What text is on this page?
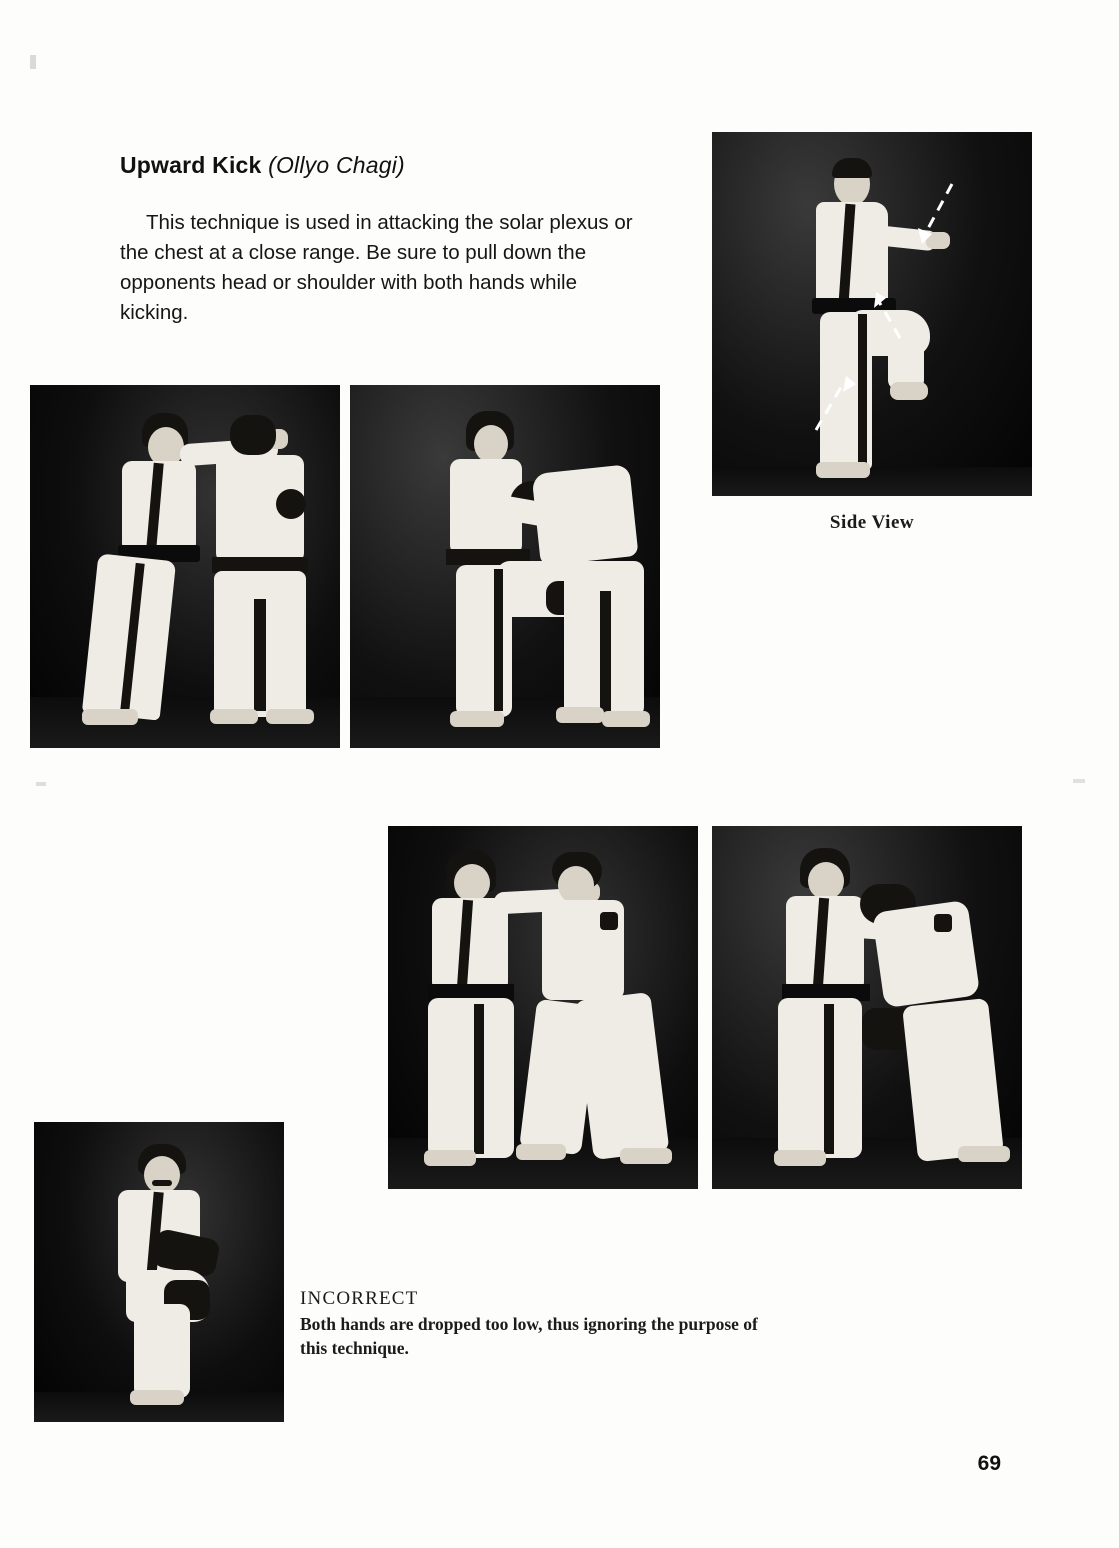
Upward Kick (Ollyo Chagi)
This technique is used in attacking the solar plexus or the chest at a close range. Be sure to pull down the opponents head or shoulder with both hands while kicking.
Side View
INCORRECT
Both hands are dropped too low, thus ignoring the purpose of this technique.
69
